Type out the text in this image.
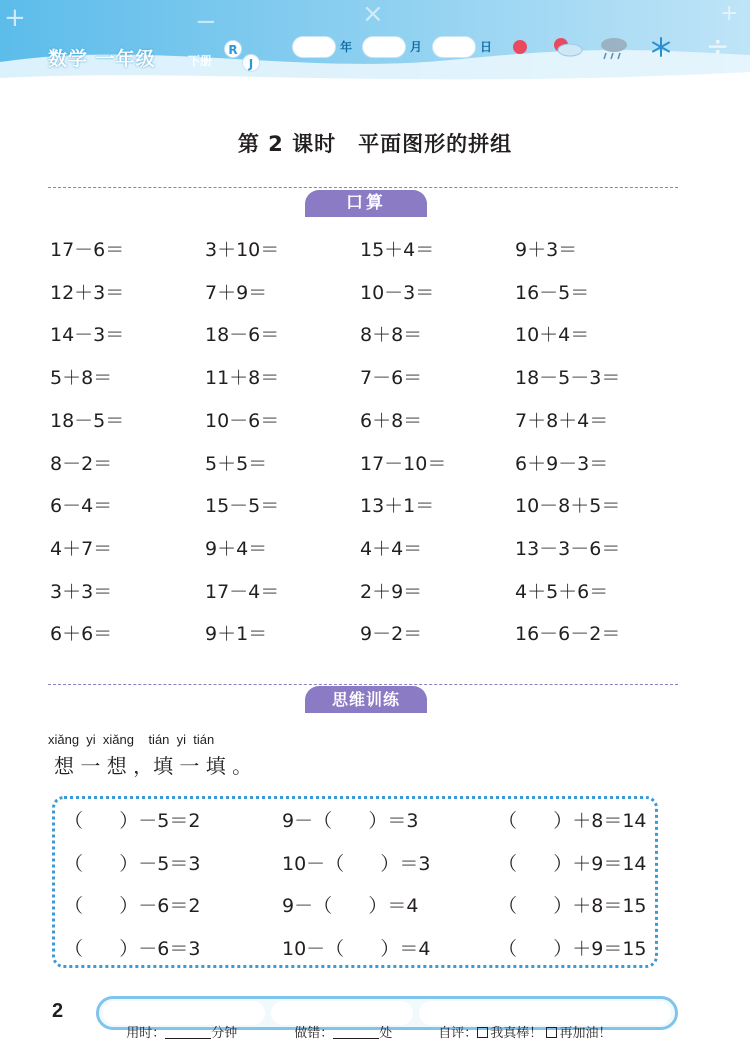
+	−	×
÷
+
数学 一年级	下册
R
J
年	月	日
第 2 课时 平面图形的拼组
口算
17－6＝	3＋10＝	15＋4＝	9＋3＝
12＋3＝	7＋9＝	10－3＝	16－5＝
14－3＝	18－6＝	8＋8＝	10＋4＝
5＋8＝	11＋8＝	7－6＝	18－5－3＝
18－5＝	10－6＝	6＋8＝	7＋8＋4＝
8－2＝	5＋5＝	17－10＝	6＋9－3＝
6－4＝	15－5＝	13＋1＝	10－8＋5＝
4＋7＝	9＋4＝	4＋4＝	13－3－6＝
3＋3＝	17－4＝	2＋9＝	4＋5＋6＝
6＋6＝	9＋1＝	9－2＝	16－6－2＝
思维训练
xiǎng  yi  xiǎng    tián  yi  tián
想 一 想 ，填 一 填 。
（      ）－5＝2	9－（      ）＝3	（      ）＋8＝14
（      ）－5＝3	10－（      ）＝3	（      ）＋9＝14
（      ）－6＝2	9－（      ）＝4	（      ）＋8＝15
（      ）－6＝3	10－（      ）＝4	（      ）＋9＝15
2

用时：	分钟	做错：	处	自评： 我真棒！ 再加油！
